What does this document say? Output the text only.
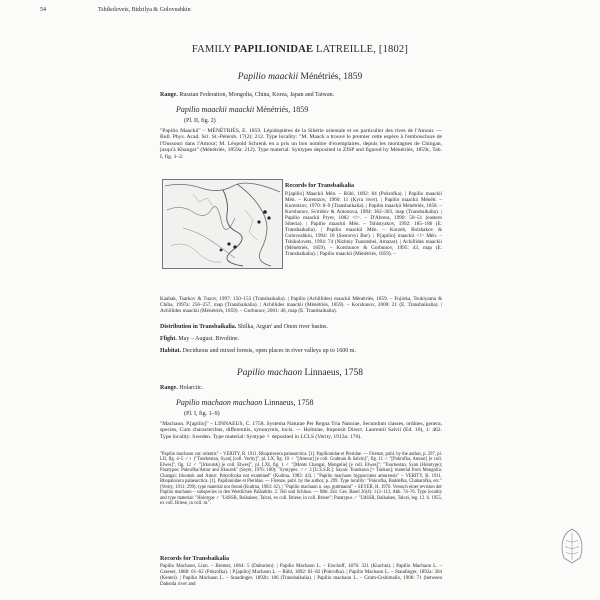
54	Tshikolovets, Bidzilya & Golovushkin
FAMILY PAPILIONIDAE LATREILLE, [1802]
Papilio maackii Ménétriés, 1859
Range. Russian Federation, Mongolia, China, Korea, Japan and Taiwan.
Papilio maackii maackii Ménétriés, 1859
(Pl. II, fig. 2)

"Papilio Maackii" – MÉNÉTRIÉS, E. 1859. Lépidoptères de la Sibérie orientale et en particulier des rives de l'Amour. — Bull. Phys. Acad. Sci. St.-Pétersb. 17(2): 212. Type locality: "M. Maack a trouvé le premier cette espèce à l'embouchure de l'Oussouri dans l'Amour; M. Léopold Schrenk en a pris un bon nombre d'exemplaires, depuis les montagnes de Chingan, jusqu'à Khangar" (Ménétriés, 1859a: 212). Type material: Syntypes deposited in ZISP and figured by Ménétriés, 1859c, Tab. I, fig. 1–2.

Records for Transbaikalia

P.[apilio] Maackii Mén. – Rühl, 1892: 84 (Pokrofka). | Papilio maackii Mén. – Kurentzov, 1960: 11 (Kyra river). | Papilio maackii Ménétr. – Kurentzov, 1970: 8–9 (Transbaikalia). | Papilio maackii Ménétriés, 1858. – Korshunov, Sviridov & Antonova, 1984: 302–303, map (Transbaikalia). | Papilio maackii Pryer, 1882 <!>. – D'Abrera, 1990: 50–51 (eastern Siberia). | Papilio maackii Mén. – Tshistyakov, 1992: 185–186 (E. Transbaikalia). | Papilio maackii Mén. – Korzeb, Bolshakov & Golovushkin, 1994: 18 (Sosnovyi Bor). | P.[apilio] maackii <!> Mén. – Tshikolovets, 1994: 74 (Nizhniy Tsasutshei, Amazar). | Achillides maackii (Ménétriés, 1859). – Korshunov & Gorbunov, 1995: 43, map (E. Transbaikalia). | Papilio maackii (Ménétriés, 1859). –

Kaabak, Tsarkov & Tuzov, 1997: 150–153 (Transbaikalia). | Papilio (Achillides) maackii Ménétriés, 1859. – Fujioka, Tsukiyama & Chiba, 1997a: 256–257, map (Transbaikalia). | Achillides maackii (Ménétriés, 1859). – Korshunov, 2000: 21 (E. Transbaikalia). | Achillides maackii (Ménétriés, 1859). – Gorbunov, 2001: 46, map (E. Transbaikalia).

Distribution in Transbaikalia. Shilka, Argun' and Onon river basins.
Flight. May – August. Bivoltine.
Habitat. Deciduous and mixed forests, open places in river valleys up to 1600 m.
Papilio machaon Linnaeus, 1758
Range. Holarctic.
Papilio machaon machaon Linnaeus, 1758
(Pl. I, fig. 1–9)

"Machaon. P.[apilio]" – LINNAEUS, C. 1758. Systema Naturae Per Regna Tria Naturae, Secundum classes, ordines, genera, species, Cum characteribus, differentiis, synonymis, locis. — Holmiae, Impensit Direct. Laurentii Salvii (Ed. 10), 1: 462. Type locality: Sweden. Type material: Syntype ♀ deposited in LCLS (Verity, 1913a: 176).

"Papilio machaon var. orientis" – VERITY, R. 1911. Rhopalocera palaearctica. [1]. Papilionidae et Pieridae. — Firenze, publ. by the author, p. 297, pl. LII, fig. 4–5 ♂♀ ("Tourkestan, Syan] [coll. Verity]", pl. LX, fig. 10 ♂ "[Amour] [e coll. Godman & Salvin]", fig. 11 ♂ "[Pokrofka, Amour] [e coll. Elwes]", fig. 12 ♂ "[Irkoutsk] [e coll. Elwes]", pl. LXI, fig. 1 ♂ "[Monts Changai, Mongolie] [e coll. Elwes]"; "Tourkestan, Syan (Holotype); Paratypes: Pokrofka/Amur and Irkoutsk" (Seyer, 1976: 100); "Syntypes: ♂♂ 3 [U.S.S.R.]: Sayan: Tounkoun [= Tunkun]; material from Mongolia: Changai; Irkoutsk and Amur: Pokrofcoka not examined" (Kudrna, 1983: 43). | "Papilio machaon hyppocrates amurensis" – VERITY, R. 1911. Rhopalocera palaearctica. [1]. Papilionidae et Pieridae. — Firenze, publ. by the author, p. 299. Type locality: "Pokrofka, Baddefka, Chabarofka, etc." (Verity, 1911: 299); type material not found (Kudrna, 1983: 42). | "Papilio machaon n. ssp. guttmanni" – SEYER, H. 1976. Versuch einer revision der Papilio machaon – subspecies in den Westlichen Paläarktis. 2. Teil und Schluss. — Mitt. Ent. Ges. Basel 26(4): 112–113, Abb. 74–76. Type locality and type material: "Holotype ♂ "UdSSR, Baikalsee, Talcei, ex coll. Briese, in coll. Briese"; Paratypus ♂ "UdSSR, Baikalsee, Talcei, leg. 12. 6. 1955, ex coll. Briese, in coll. m.".

Records for Transbaikalia

Papilio Machaon, Linn. – Bremer, 1864: 5 (Dahurien). | Papilio Machaon L. – Erschoff, 1876: 321 (Kiachta). | Papilio Machaon L. – Graeser, 1888: 61–62 (Pokrofka). | P.[apilio] Machaon L. – Rühl, 1892: 81–82 (Pokrofka). | Papilio Machaon L. – Staudinger, 1892a: 304 (Kentei). | Papilio Machaon L. – Staudinger, 1892b: 106 (Transbaikalia). | Papilio machaon L. – Grum-Grshimailo, 1906: 71 (between Dahsida river and
